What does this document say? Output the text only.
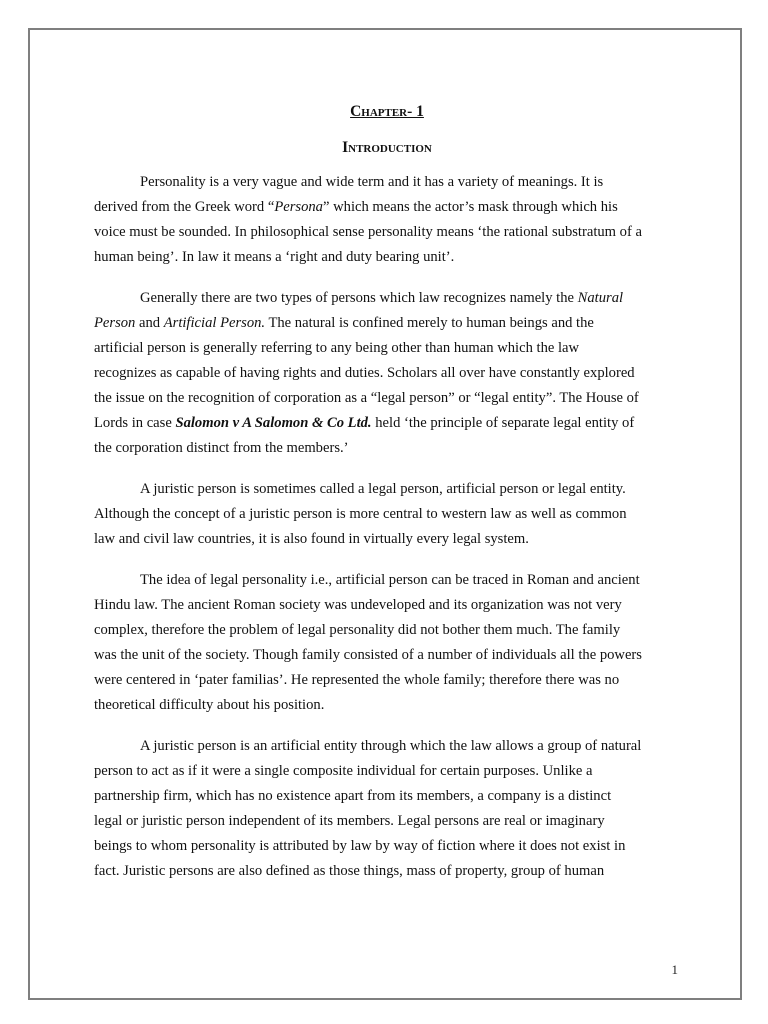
Chapter- 1
Introduction

Personality is a very vague and wide term and it has a variety of meanings. It is
derived from the Greek word “Persona” which means the actor’s mask through which his
voice must be sounded. In philosophical sense personality means ‘the rational substratum of a
human being’. In law it means a ‘right and duty bearing unit’.

Generally there are two types of persons which law recognizes namely the Natural
Person and Artificial Person. The natural is confined merely to human beings and the
artificial person is generally referring to any being other than human which the law
recognizes as capable of having rights and duties. Scholars all over have constantly explored
the issue on the recognition of corporation as a “legal person” or “legal entity”. The House of
Lords in case Salomon v A Salomon & Co Ltd. held ‘the principle of separate legal entity of
the corporation distinct from the members.’

A juristic person is sometimes called a legal person, artificial person or legal entity.
Although the concept of a juristic person is more central to western law as well as common
law and civil law countries, it is also found in virtually every legal system.

The idea of legal personality i.e., artificial person can be traced in Roman and ancient
Hindu law. The ancient Roman society was undeveloped and its organization was not very
complex, therefore the problem of legal personality did not bother them much. The family
was the unit of the society. Though family consisted of a number of individuals all the powers
were centered in ‘pater familias’. He represented the whole family; therefore there was no
theoretical difficulty about his position.

A juristic person is an artificial entity through which the law allows a group of natural
person to act as if it were a single composite individual for certain purposes. Unlike a
partnership firm, which has no existence apart from its members, a company is a distinct
legal or juristic person independent of its members. Legal persons are real or imaginary
beings to whom personality is attributed by law by way of fiction where it does not exist in
fact. Juristic persons are also defined as those things, mass of property, group of human

1
